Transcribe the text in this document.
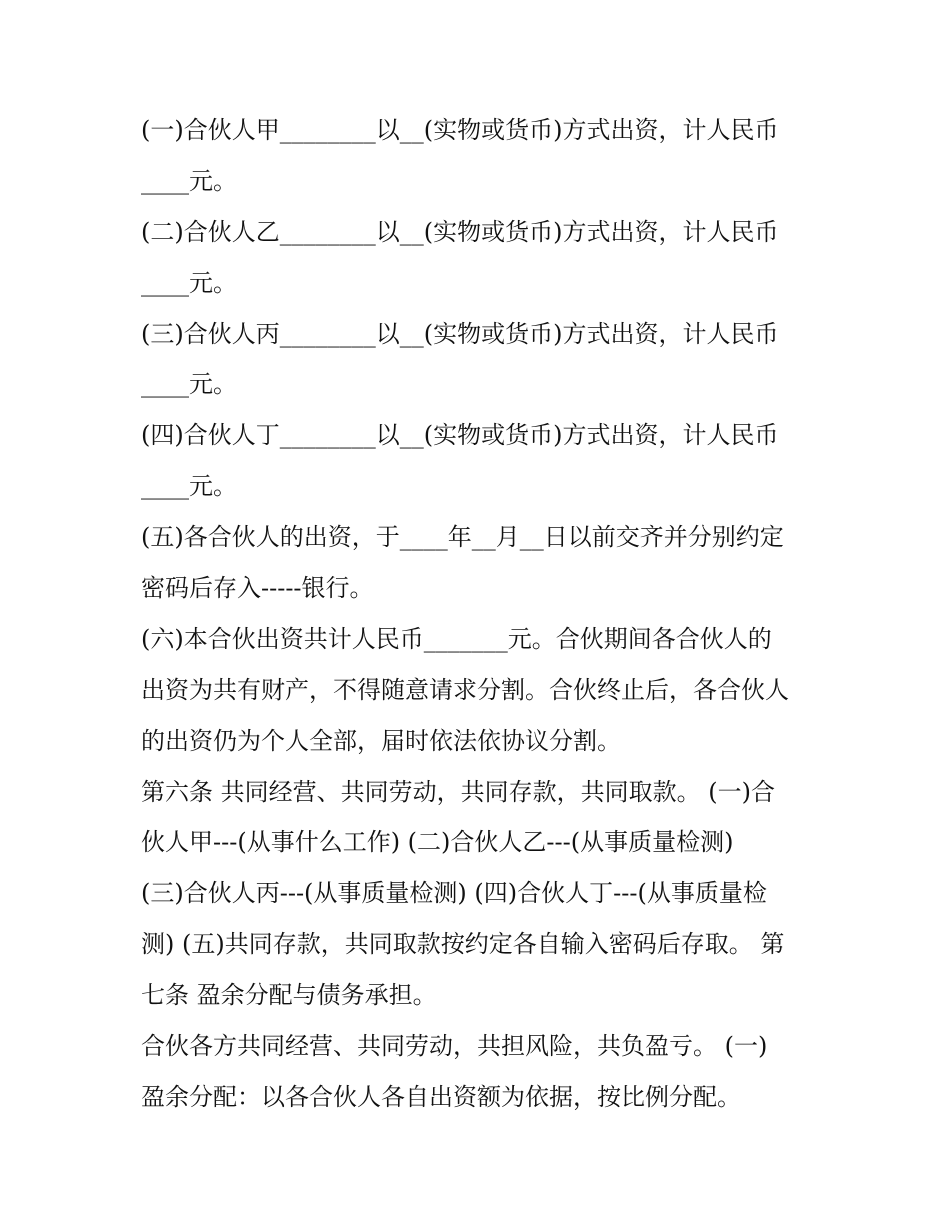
(一)合伙人甲________以__(实物或货币)方式出资，计人民币
____元。
(二)合伙人乙________以__(实物或货币)方式出资，计人民币
____元。
(三)合伙人丙________以__(实物或货币)方式出资，计人民币
____元。
(四)合伙人丁________以__(实物或货币)方式出资，计人民币
____元。
(五)各合伙人的出资，于____年__月__日以前交齐并分别约定
密码后存入-----银行。
(六)本合伙出资共计人民币_______元。合伙期间各合伙人的
出资为共有财产，不得随意请求分割。合伙终止后，各合伙人
的出资仍为个人全部，届时依法依协议分割。
第六条 共同经营、共同劳动，共同存款，共同取款。 (一)合
伙人甲---(从事什么工作) (二)合伙人乙---(从事质量检测)
(三)合伙人丙---(从事质量检测) (四)合伙人丁---(从事质量检
测) (五)共同存款，共同取款按约定各自输入密码后存取。 第
七条 盈余分配与债务承担。
合伙各方共同经营、共同劳动，共担风险，共负盈亏。 (一)
盈余分配：以各合伙人各自出资额为依据，按比例分配。
